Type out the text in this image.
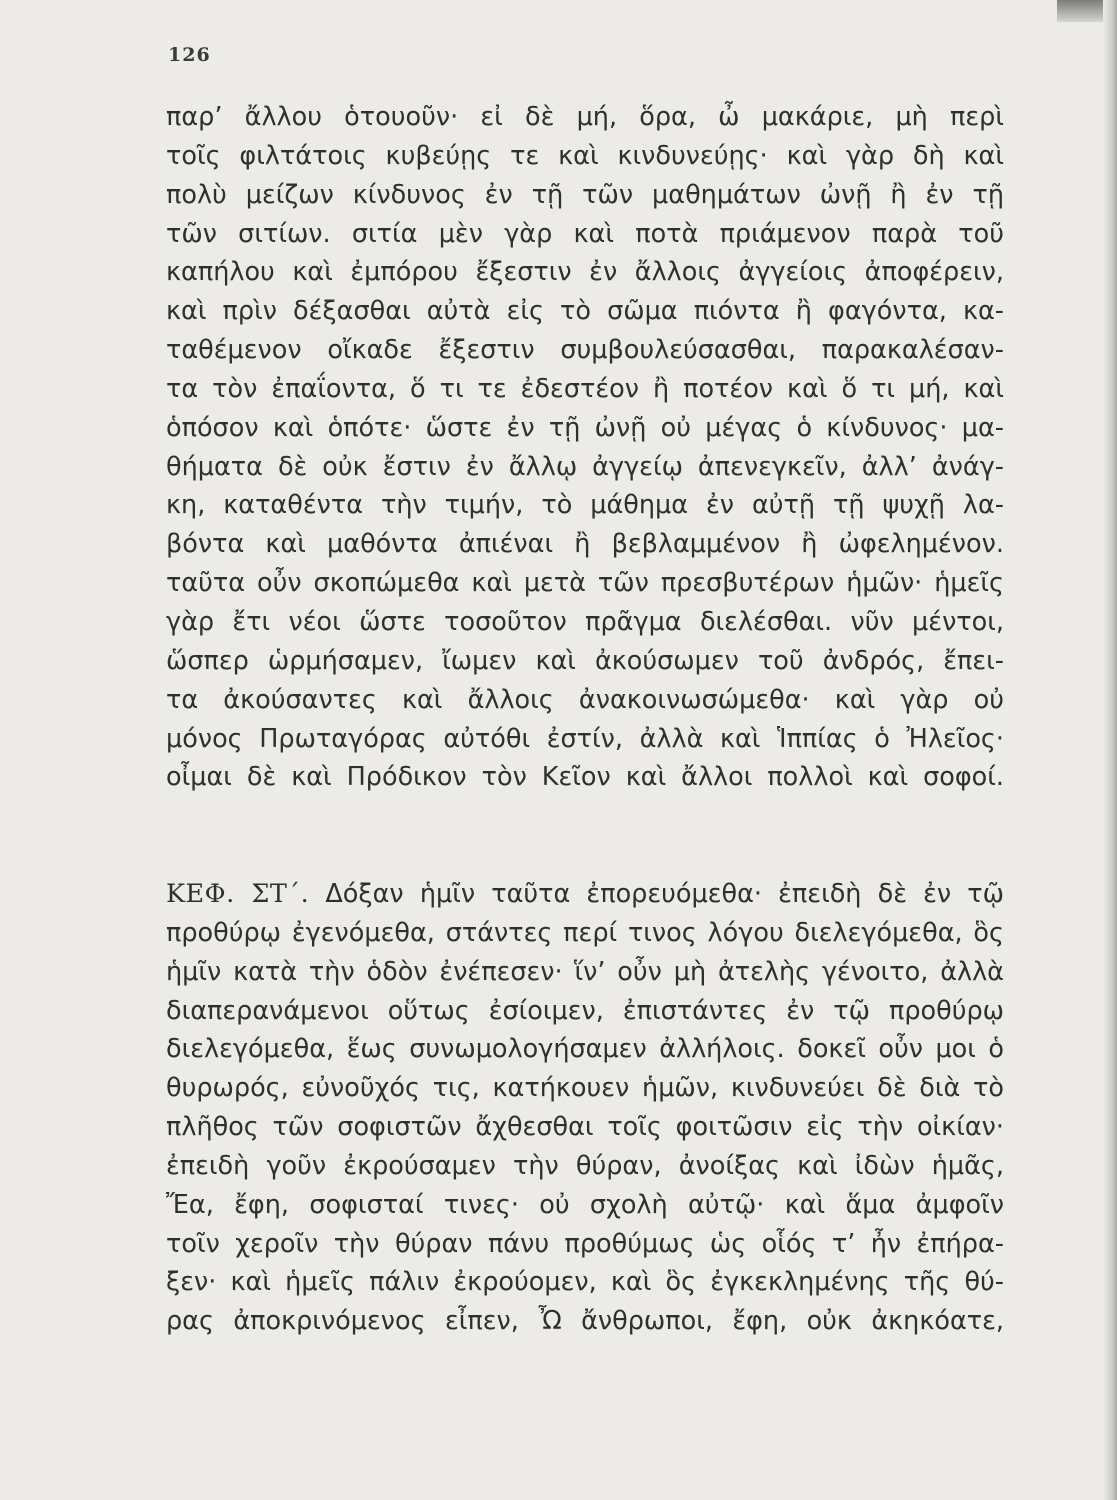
126
παρ’ ἄλλου ὁτουοῦν· εἰ δὲ μή, ὅρα, ὦ μακάριε, μὴ περὶ
τοῖς φιλτάτοις κυβεύῃς τε καὶ κινδυνεύῃς· καὶ γὰρ δὴ καὶ
πολὺ μείζων κίνδυνος ἐν τῇ τῶν μαθημάτων ὠνῇ ἢ ἐν τῇ
τῶν σιτίων. σιτία μὲν γὰρ καὶ ποτὰ πριάμενον παρὰ τοῦ
καπήλου καὶ ἐμπόρου ἔξεστιν ἐν ἄλλοις ἀγγείοις ἀποφέρειν,
καὶ πρὶν δέξασθαι αὐτὰ εἰς τὸ σῶμα πιόντα ἢ φαγόντα, κα-
ταθέμενον οἴκαδε ἔξεστιν συμβουλεύσασθαι, παρακαλέσαν-
τα τὸν ἐπαΐοντα, ὅ τι τε ἐδεστέον ἢ ποτέον καὶ ὅ τι μή, καὶ
ὁπόσον καὶ ὁπότε· ὥστε ἐν τῇ ὠνῇ οὐ μέγας ὁ κίνδυνος· μα-
θήματα δὲ οὐκ ἔστιν ἐν ἄλλῳ ἀγγείῳ ἀπενεγκεῖν, ἀλλ’ ἀνάγ-
κη, καταθέντα τὴν τιμήν, τὸ μάθημα ἐν αὐτῇ τῇ ψυχῇ λα-
βόντα καὶ μαθόντα ἀπιέναι ἢ βεβλαμμένον ἢ ὠφελημένον.
ταῦτα οὖν σκοπώμεθα καὶ μετὰ τῶν πρεσβυτέρων ἡμῶν· ἡμεῖς
γὰρ ἔτι νέοι ὥστε τοσοῦτον πρᾶγμα διελέσθαι. νῦν μέντοι,
ὥσπερ ὡρμήσαμεν, ἴωμεν καὶ ἀκούσωμεν τοῦ ἀνδρός, ἔπει-
τα ἀκούσαντες καὶ ἄλλοις ἀνακοινωσώμεθα· καὶ γὰρ οὐ
μόνος Πρωταγόρας αὐτόθι ἐστίν, ἀλλὰ καὶ Ἱππίας ὁ Ἠλεῖος·
οἶμαι δὲ καὶ Πρόδικον τὸν Κεῖον καὶ ἄλλοι πολλοὶ καὶ σοφοί.
ΚΕΦ. ΣΤ΄. Δόξαν ἡμῖν ταῦτα ἐπορευόμεθα· ἐπειδὴ δὲ ἐν τῷ
προθύρῳ ἐγενόμεθα, στάντες περί τινος λόγου διελεγόμεθα, ὃς
ἡμῖν κατὰ τὴν ὁδὸν ἐνέπεσεν· ἵν’ οὖν μὴ ἀτελὴς γένοιτο, ἀλλὰ
διαπερανάμενοι οὕτως ἐσίοιμεν, ἐπιστάντες ἐν τῷ προθύρῳ
διελεγόμεθα, ἕως συνωμολογήσαμεν ἀλλήλοις. δοκεῖ οὖν μοι ὁ
θυρωρός, εὐνοῦχός τις, κατήκουεν ἡμῶν, κινδυνεύει δὲ διὰ τὸ
πλῆθος τῶν σοφιστῶν ἄχθεσθαι τοῖς φοιτῶσιν εἰς τὴν οἰκίαν·
ἐπειδὴ γοῦν ἐκρούσαμεν τὴν θύραν, ἀνοίξας καὶ ἰδὼν ἡμᾶς,
Ἔα, ἔφη, σοφισταί τινες· οὐ σχολὴ αὐτῷ· καὶ ἅμα ἀμφοῖν
τοῖν χεροῖν τὴν θύραν πάνυ προθύμως ὡς οἷός τ’ ἦν ἐπήρα-
ξεν· καὶ ἡμεῖς πάλιν ἐκρούομεν, καὶ ὃς ἐγκεκλημένης τῆς θύ-
ρας ἀποκρινόμενος εἶπεν, Ὦ ἄνθρωποι, ἔφη, οὐκ ἀκηκόατε,
